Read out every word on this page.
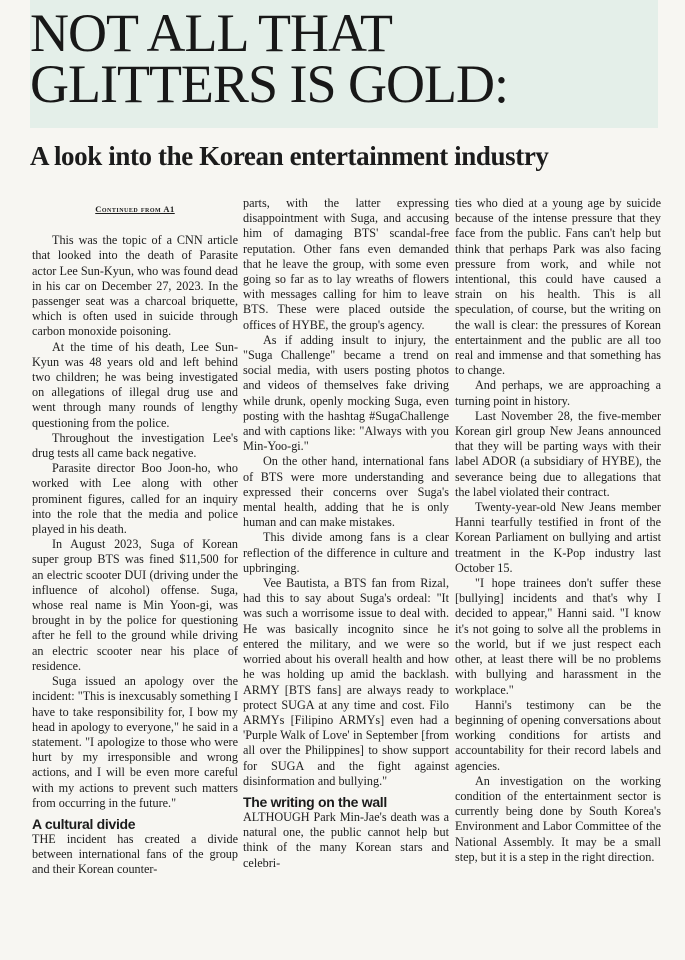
NOT ALL THAT
GLITTERS IS GOLD:
A look into the Korean entertainment industry
Continued from A1

This was the topic of a CNN article that looked into the death of Parasite actor Lee Sun-Kyun, who was found dead in his car on December 27, 2023. In the passenger seat was a charcoal briquette, which is often used in suicide through carbon monoxide poisoning.

At the time of his death, Lee Sun-Kyun was 48 years old and left behind two children; he was being investigated on allegations of illegal drug use and went through many rounds of lengthy questioning from the police.

Throughout the investigation Lee's drug tests all came back negative.

Parasite director Boo Joon-ho, who worked with Lee along with other prominent figures, called for an inquiry into the role that the media and police played in his death.

In August 2023, Suga of Korean super group BTS was fined $11,500 for an electric scooter DUI (driving under the influence of alcohol) offense. Suga, whose real name is Min Yoon-gi, was brought in by the police for questioning after he fell to the ground while driving an electric scooter near his place of residence.

Suga issued an apology over the incident: "This is inexcusably something I have to take responsibility for, I bow my head in apology to everyone," he said in a statement. "I apologize to those who were hurt by my irresponsible and wrong actions, and I will be even more careful with my actions to prevent such matters from occurring in the future."

A cultural divide

THE incident has created a divide between international fans of the group and their Korean counter-

parts, with the latter expressing disappointment with Suga, and accusing him of damaging BTS' scandal-free reputation. Other fans even demanded that he leave the group, with some even going so far as to lay wreaths of flowers with messages calling for him to leave BTS. These were placed outside the offices of HYBE, the group's agency.

As if adding insult to injury, the "Suga Challenge" became a trend on social media, with users posting photos and videos of themselves fake driving while drunk, openly mocking Suga, even posting with the hashtag #SugaChallenge and with captions like: "Always with you Min-Yoo-gi."

On the other hand, international fans of BTS were more understanding and expressed their concerns over Suga's mental health, adding that he is only human and can make mistakes.

This divide among fans is a clear reflection of the difference in culture and upbringing.

Vee Bautista, a BTS fan from Rizal, had this to say about Suga's ordeal: "It was such a worrisome issue to deal with. He was basically incognito since he entered the military, and we were so worried about his overall health and how he was holding up amid the backlash. ARMY [BTS fans] are always ready to protect SUGA at any time and cost. Filo ARMYs [Filipino ARMYs] even had a 'Purple Walk of Love' in September [from all over the Philippines] to show support for SUGA and the fight against disinformation and bullying."

The writing on the wall

ALTHOUGH Park Min-Jae's death was a natural one, the public cannot help but think of the many Korean stars and celebri-

ties who died at a young age by suicide because of the intense pressure that they face from the public. Fans can't help but think that perhaps Park was also facing pressure from work, and while not intentional, this could have caused a strain on his health. This is all speculation, of course, but the writing on the wall is clear: the pressures of Korean entertainment and the public are all too real and immense and that something has to change.

And perhaps, we are approaching a turning point in history.

Last November 28, the five-member Korean girl group New Jeans announced that they will be parting ways with their label ADOR (a subsidiary of HYBE), the severance being due to allegations that the label violated their contract.

Twenty-year-old New Jeans member Hanni tearfully testified in front of the Korean Parliament on bullying and artist treatment in the K-Pop industry last October 15.

"I hope trainees don't suffer these [bullying] incidents and that's why I decided to appear," Hanni said. "I know it's not going to solve all the problems in the world, but if we just respect each other, at least there will be no problems with bullying and harassment in the workplace."

Hanni's testimony can be the beginning of opening conversations about working conditions for artists and accountability for their record labels and agencies.

An investigation on the working condition of the entertainment sector is currently being done by South Korea's Environment and Labor Committee of the National Assembly. It may be a small step, but it is a step in the right direction.
